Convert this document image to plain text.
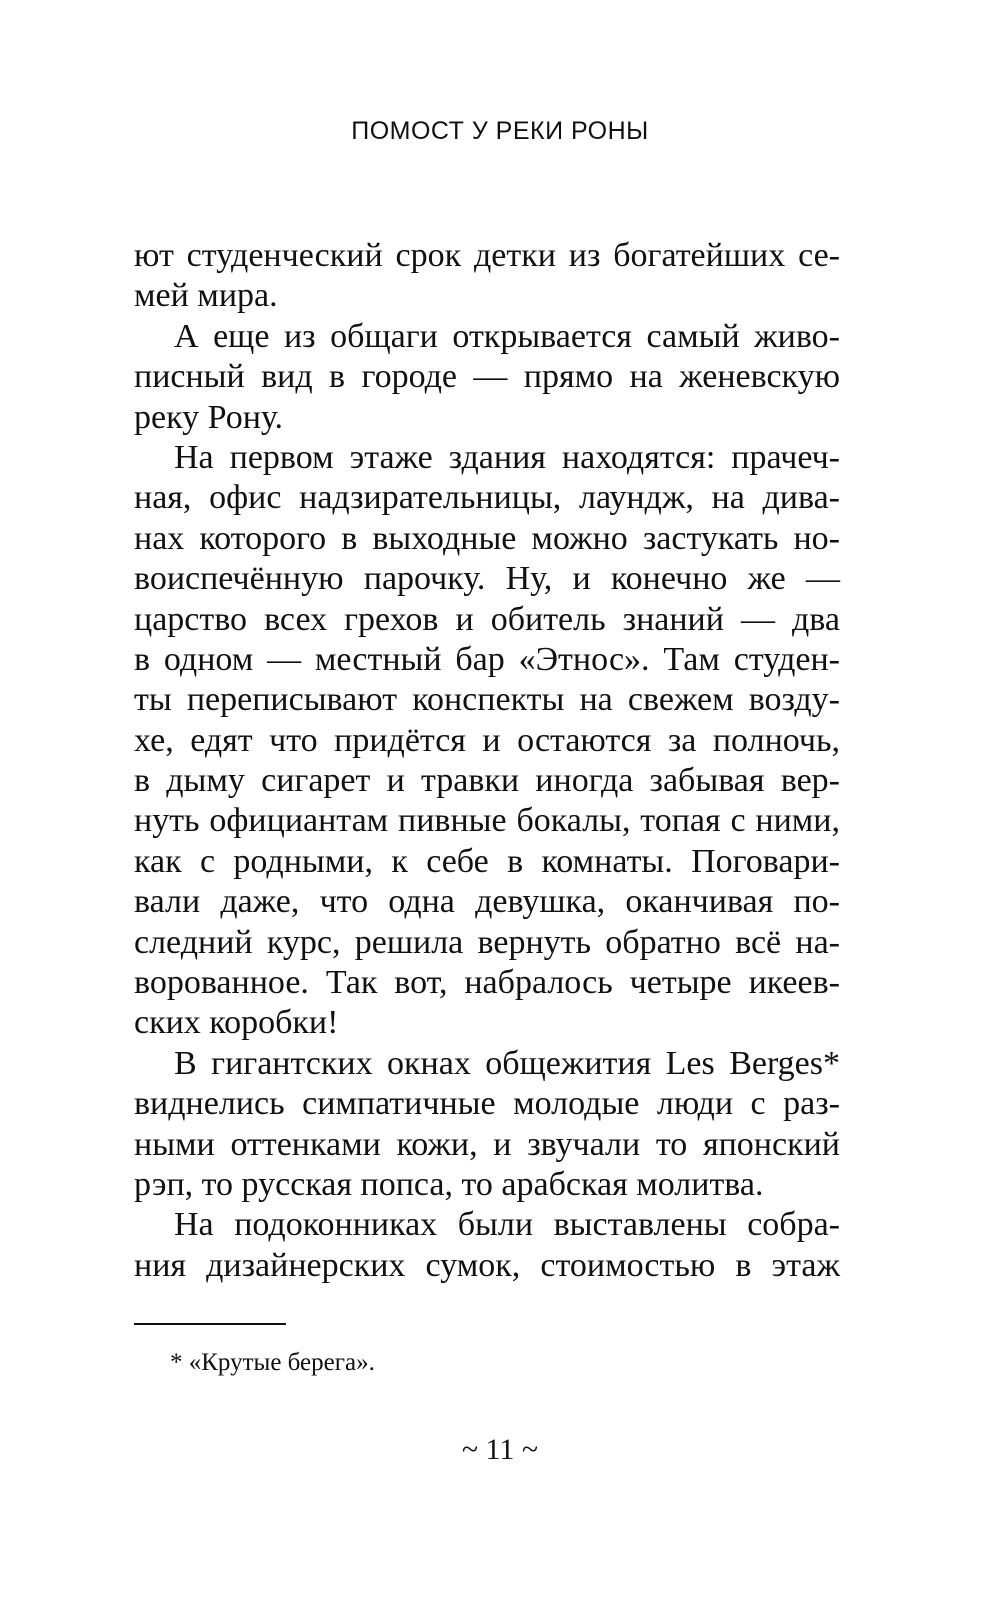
ПОМОСТ У РЕКИ РОНЫ
ют студенческий срок детки из богатейших се-
мей мира.
А еще из общаги открывается самый живо-
писный вид в городе — прямо на женевскую
реку Рону.
На первом этаже здания находятся: прачеч-
ная, офис надзирательницы, лаундж, на дива-
нах которого в выходные можно застукать но-
воиспечённую парочку. Ну, и конечно же —
царство всех грехов и обитель знаний — два
в одном — местный бар «Этнос». Там студен-
ты переписывают конспекты на свежем возду-
хе, едят что придётся и остаются за полночь,
в дыму сигарет и травки иногда забывая вер-
нуть официантам пивные бокалы, топая с ними,
как с родными, к себе в комнаты. Поговари-
вали даже, что одна девушка, оканчивая по-
следний курс, решила вернуть обратно всё на-
ворованное. Так вот, набралось четыре икеев-
ских коробки!
В гигантских окнах общежития Les Berges*
виднелись симпатичные молодые люди с раз-
ными оттенками кожи, и звучали то японский
рэп, то русская попса, то арабская молитва.
На подоконниках были выставлены собра-
ния дизайнерских сумок, стоимостью в этаж
* «Крутые берега».
~ 11 ~
